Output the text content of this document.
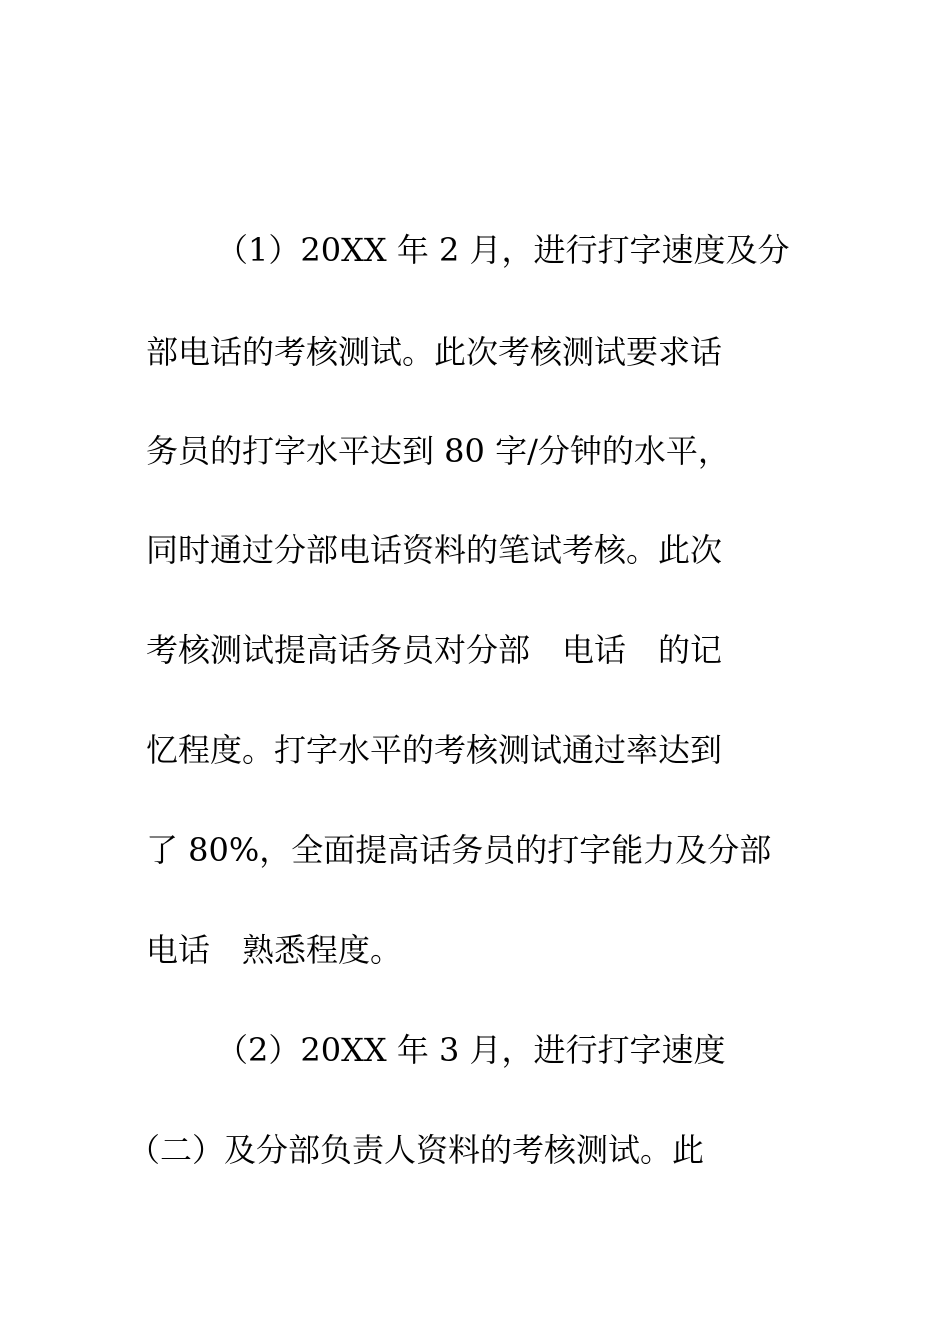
（1）20XX 年 2 月，进行打字速度及分
部电话的考核测试。此次考核测试要求话
务员的打字水平达到 80 字/分钟的水平，
同时通过分部电话资料的笔试考核。此次
考核测试提高话务员对分部　电话　的记
忆程度。打字水平的考核测试通过率达到
了 80%，全面提高话务员的打字能力及分部
电话　熟悉程度。
（2）20XX 年 3 月，进行打字速度
（二）及分部负责人资料的考核测试。此
